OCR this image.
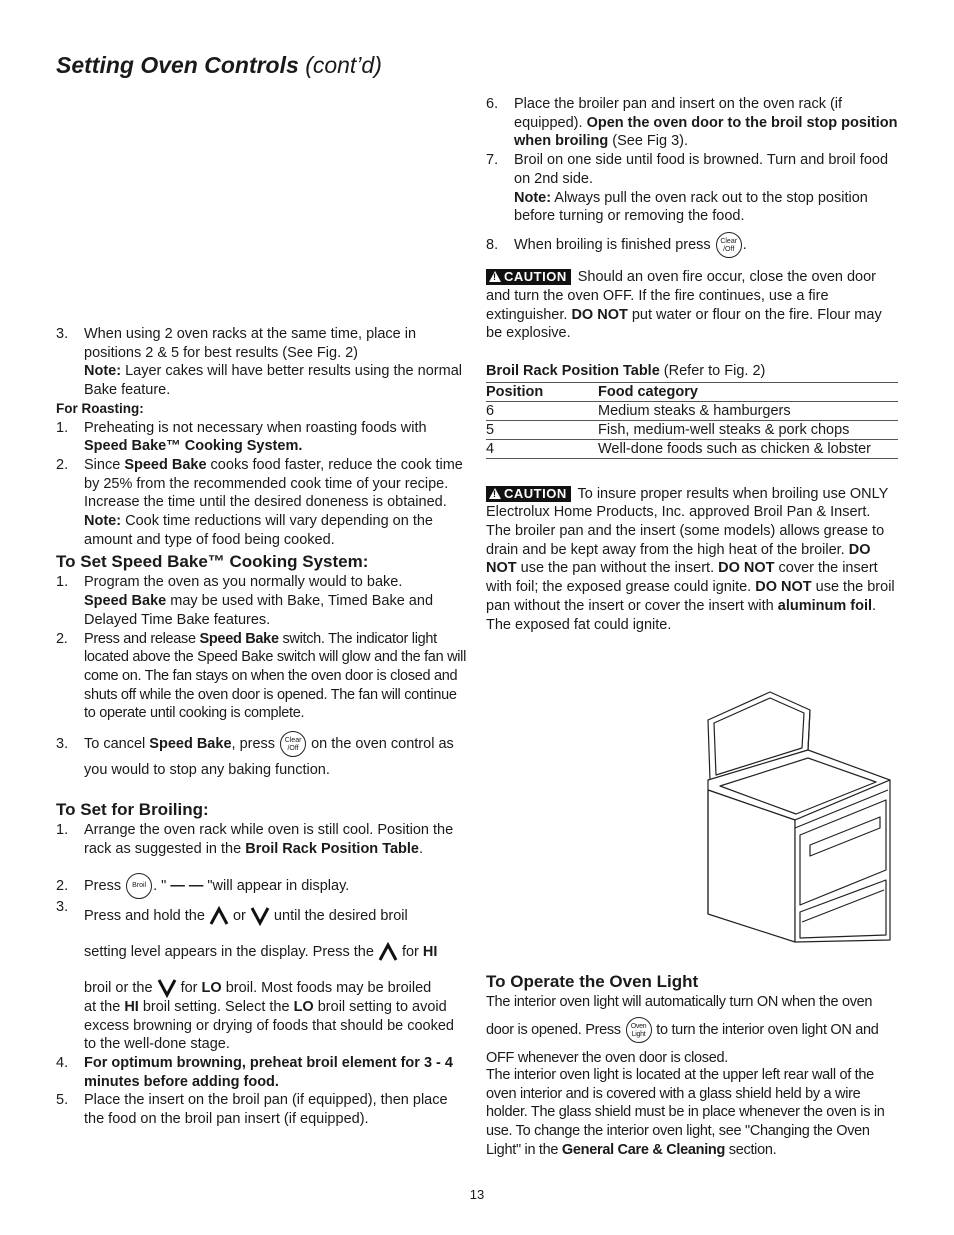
Setting Oven Controls (cont’d)
3. When using 2 oven racks at the same time, place in positions 2 & 5 for best results (See Fig. 2)
Note: Layer cakes will have better results using the normal Bake feature.

For Roasting:

1. Preheating is not necessary when roasting foods with Speed Bake™ Cooking System.
2. Since Speed Bake cooks food faster, reduce the cook time by 25% from the recommended cook time of your recipe. Increase the time until the desired doneness is obtained.
Note: Cook time reductions will vary depending on the amount and type of food being cooked.
To Set Speed Bake™ Cooking System:
1. Program the oven as you normally would to bake.
Speed Bake may be used with Bake, Timed Bake and Delayed Time Bake features.
2. Press and release Speed Bake switch. The indicator light located above the Speed Bake switch will glow and the fan will come on. The fan stays on when the oven door is closed and shuts off while the oven door is opened. The fan will continue to operate until cooking is complete.
3. To cancel Speed Bake, press Clear
/Off on the oven control as
you would to stop any baking function.
To Set for Broiling:
1. Arrange the oven rack while oven is still cool. Position the rack as suggested in the Broil Rack Position Table.
2. Press Broil . " — — "will appear in display.
3.
Press and hold the  or  until the desired broil
setting level appears in the display. Press the  for HI
broil or the  for LO broil. Most foods may be broiled
at the HI broil setting. Select the LO broil setting to avoid excess browning or drying of foods that should be cooked to the well-done stage.
4. For optimum browning, preheat broil element for 3 - 4 minutes before adding food.
5. Place the insert on the broil pan (if equipped), then place the food on the broil pan insert (if equipped).
6. Place the broiler pan and insert on the oven rack (if equipped). Open the oven door to the broil stop position when broiling (See Fig 3).
7. Broil on one side until food is browned. Turn and broil food on 2nd side.
Note: Always pull the oven rack out to the stop position before turning or removing the food.
8. When broiling is finished press Clear
/Off .

!CAUTION Should an oven fire occur, close the oven door and turn the oven OFF. If the fire continues, use a fire extinguisher. DO NOT put water or flour on the fire. Flour may be explosive.

Broil Rack Position Table (Refer to Fig. 2)

Position	Food category
6	Medium steaks & hamburgers
5	Fish, medium-well steaks & pork chops
4	Well-done foods such as chicken & lobster

!CAUTION To insure proper results when broiling use ONLY Electrolux Home Products, Inc. approved Broil Pan & Insert.

The broiler pan and the insert (some models) allows grease to drain and be kept away from the high heat of the broiler. DO NOT use the pan without the insert. DO NOT cover the insert with foil; the exposed grease could ignite. DO NOT use the broil pan without the insert or cover the insert with aluminum foil. The exposed fat could ignite.

To Operate the Oven Light

The interior oven light will automatically turn ON when the oven
door is opened. Press Oven
Light to turn the interior oven light ON and
OFF whenever the oven door is closed.

The interior oven light is located at the upper left rear wall of the oven interior and is covered with a glass shield held by a wire holder. The glass shield must be in place whenever the oven is in use. To change the interior oven light, see "Changing the Oven Light" in the General Care & Cleaning section.

13
